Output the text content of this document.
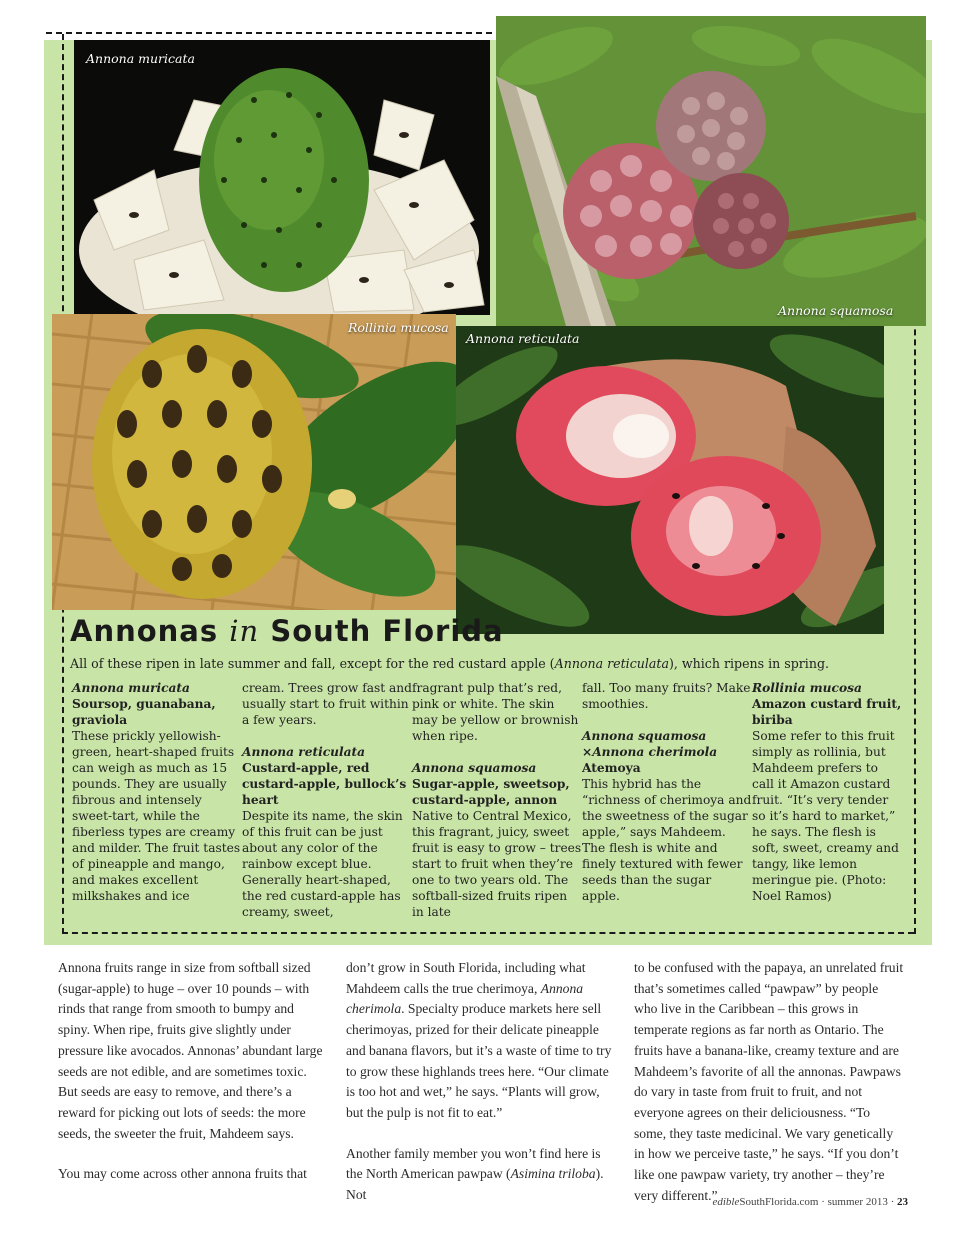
Annona muricata
Annona squamosa
Rollinia mucosa
Annona reticulata
Annonas in South Florida
All of these ripen in late summer and fall, except for the red custard apple (Annona reticulata), which ripens in spring.

Annona muricata

Soursop, guanabana, graviola

These prickly yellowish-green, heart-shaped fruits can weigh as much as 15 pounds. They are usually fibrous and intensely sweet-tart, while the fiberless types are creamy and milder. The fruit tastes of pineapple and mango, and makes excellent milkshakes and ice

cream. Trees grow fast and usually start to fruit within a few years.

Annona reticulata

Custard-apple, red custard-apple, bullock’s heart

Despite its name, the skin of this fruit can be just about any color of the rainbow except blue. Generally heart-shaped, the red custard-apple has creamy, sweet,

fragrant pulp that’s red, pink or white. The skin may be yellow or brownish when ripe.

Annona squamosa

Sugar-apple, sweetsop, custard-apple, annon

Native to Central Mexico, this fragrant, juicy, sweet fruit is easy to grow – trees start to fruit when they’re one to two years old. The softball-sized fruits ripen in late

fall. Too many fruits? Make smoothies.

Annona squamosa ×Annona cherimola

Atemoya

This hybrid has the “richness of cherimoya and the sweetness of the sugar apple,” says Mahdeem. The flesh is white and finely textured with fewer seeds than the sugar apple.

Rollinia mucosa

Amazon custard fruit, biriba

Some refer to this fruit simply as rollinia, but Mahdeem prefers to call it Amazon custard fruit. “It’s very tender so it’s hard to market,” he says. The flesh is soft, sweet, creamy and tangy, like lemon meringue pie. (Photo: Noel Ramos)

Annona fruits range in size from softball sized (sugar-apple) to huge – over 10 pounds – with rinds that range from smooth to bumpy and spiny. When ripe, fruits give slightly under pressure like avocados. Annonas’ abundant large seeds are not edible, and are sometimes toxic. But seeds are easy to remove, and there’s a reward for picking out lots of seeds: the more seeds, the sweeter the fruit, Mahdeem says.

You may come across other annona fruits that

don’t grow in South Florida, including what Mahdeem calls the true cherimoya, Annona cherimola. Specialty produce markets here sell cherimoyas, prized for their delicate pineapple and banana flavors, but it’s a waste of time to try to grow these highlands trees here. “Our climate is too hot and wet,” he says. “Plants will grow, but the pulp is not fit to eat.”

Another family member you won’t find here is the North American pawpaw (Asimina triloba). Not

to be confused with the papaya, an unrelated fruit that’s sometimes called “pawpaw” by people who live in the Caribbean – this grows in temperate regions as far north as Ontario. The fruits have a banana-like, creamy texture and are Mahdeem’s favorite of all the annonas. Pawpaws do vary in taste from fruit to fruit, and not everyone agrees on their deliciousness. “To some, they taste medicinal. We vary genetically in how we perceive taste,” he says. “If you don’t like one pawpaw variety, try another – they’re very different.”

edibleSouthFlorida.com · summer 2013 · 23
